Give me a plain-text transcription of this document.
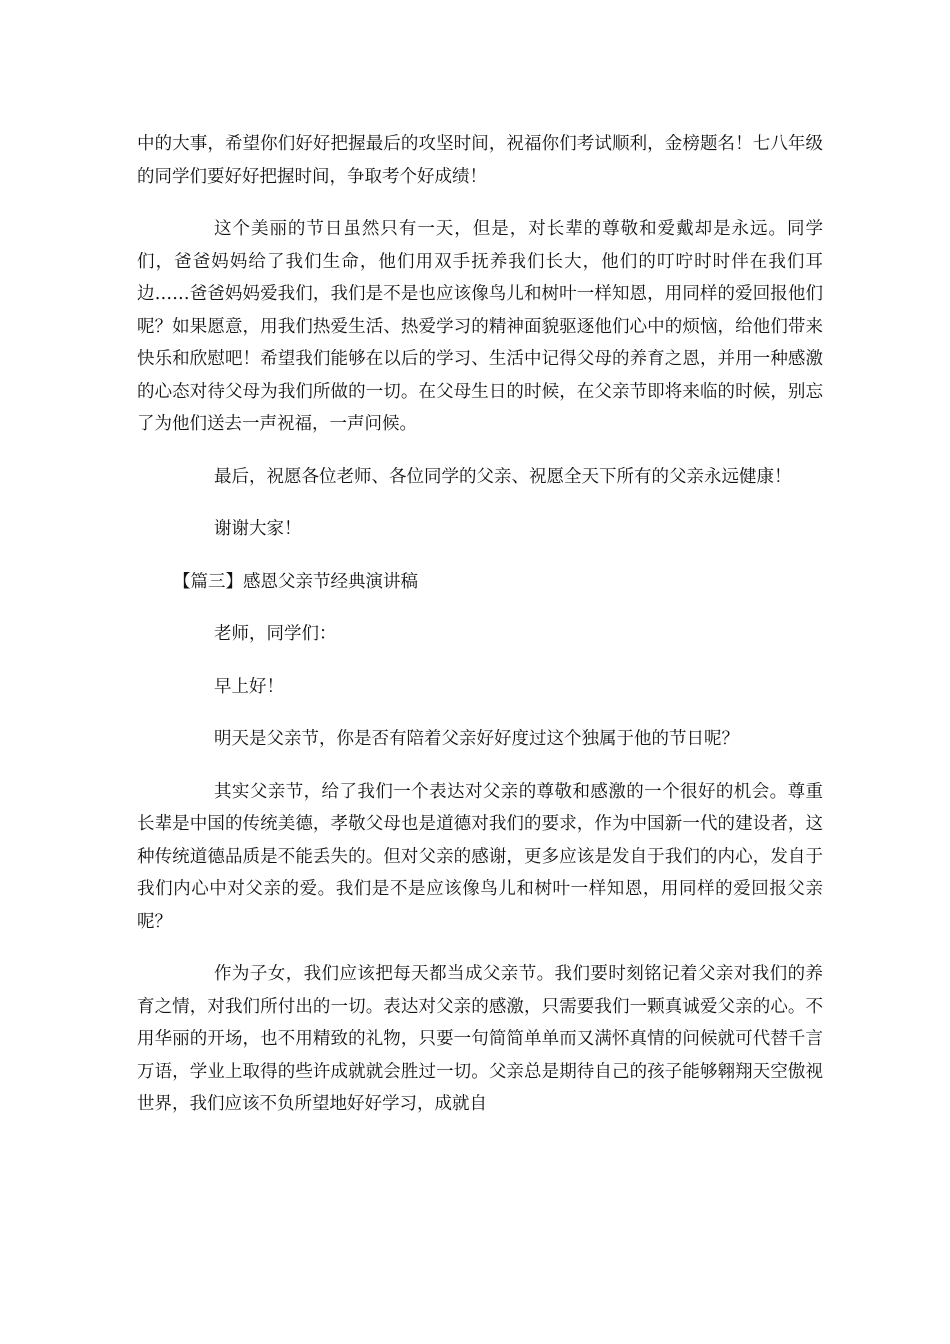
中的大事，希望你们好好把握最后的攻坚时间，祝福你们考试顺利，金榜题名！七八年级的同学们要好好把握时间，争取考个好成绩！

这个美丽的节日虽然只有一天，但是，对长辈的尊敬和爱戴却是永远。同学们，爸爸妈妈给了我们生命，他们用双手抚养我们长大，他们的叮咛时时伴在我们耳边……爸爸妈妈爱我们，我们是不是也应该像鸟儿和树叶一样知恩，用同样的爱回报他们呢？如果愿意，用我们热爱生活、热爱学习的精神面貌驱逐他们心中的烦恼，给他们带来快乐和欣慰吧！希望我们能够在以后的学习、生活中记得父母的养育之恩，并用一种感激的心态对待父母为我们所做的一切。在父母生日的时候，在父亲节即将来临的时候，别忘了为他们送去一声祝福，一声问候。

最后，祝愿各位老师、各位同学的父亲、祝愿全天下所有的父亲永远健康！

谢谢大家！

【篇三】感恩父亲节经典演讲稿

老师，同学们：

早上好！

明天是父亲节，你是否有陪着父亲好好度过这个独属于他的节日呢？

其实父亲节，给了我们一个表达对父亲的尊敬和感激的一个很好的机会。尊重长辈是中国的传统美德，孝敬父母也是道德对我们的要求，作为中国新一代的建设者，这种传统道德品质是不能丢失的。但对父亲的感谢，更多应该是发自于我们的内心，发自于我们内心中对父亲的爱。我们是不是应该像鸟儿和树叶一样知恩，用同样的爱回报父亲呢？

作为子女，我们应该把每天都当成父亲节。我们要时刻铭记着父亲对我们的养育之情，对我们所付出的一切。表达对父亲的感激，只需要我们一颗真诚爱父亲的心。不用华丽的开场，也不用精致的礼物，只要一句简简单单而又满怀真情的问候就可代替千言万语，学业上取得的些许成就就会胜过一切。父亲总是期待自己的孩子能够翱翔天空傲视世界，我们应该不负所望地好好学习，成就自
